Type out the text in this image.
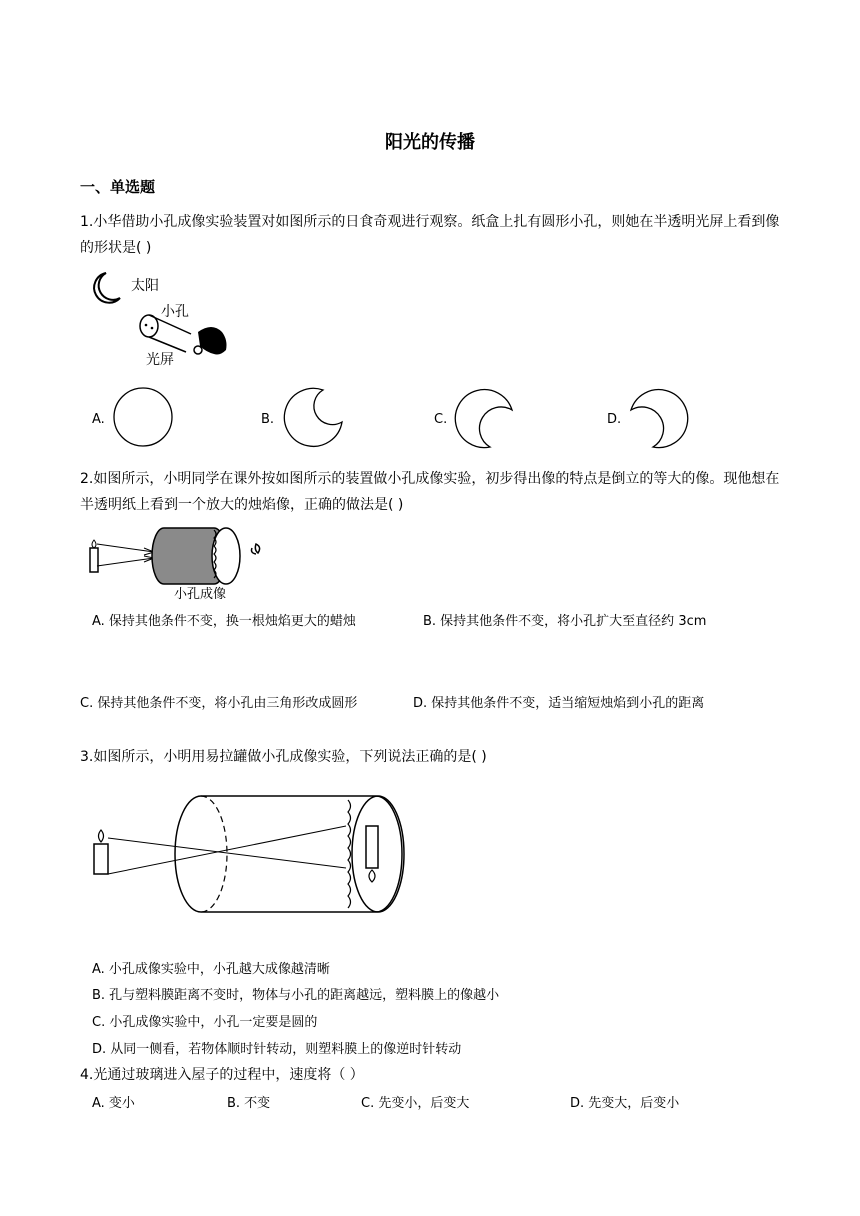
阳光的传播
一、单选题
1.小华借助小孔成像实验装置对如图所示的日食奇观进行观察。纸盒上扎有圆形小孔，则她在半透明光屏上看到像的形状是( )
太阳
小孔
光屏
A.	B.	C.	D.
2.如图所示，小明同学在课外按如图所示的装置做小孔成像实验，初步得出像的特点是倒立的等大的像。现他想在半透明纸上看到一个放大的烛焰像，正确的做法是( )
小孔成像
A. 保持其他条件不变，换一根烛焰更大的蜡烛	B. 保持其他条件不变，将小孔扩大至直径约 3cm
C. 保持其他条件不变，将小孔由三角形改成圆形	D. 保持其他条件不变，适当缩短烛焰到小孔的距离
3.如图所示，小明用易拉罐做小孔成像实验，下列说法正确的是( )
A. 小孔成像实验中，小孔越大成像越清晰
B. 孔与塑料膜距离不变时，物体与小孔的距离越远，塑料膜上的像越小
C. 小孔成像实验中，小孔一定要是圆的
D. 从同一侧看，若物体顺时针转动，则塑料膜上的像逆时针转动
4.光通过玻璃进入屋子的过程中，速度将（ ）
A. 变小	B. 不变	C. 先变小，后变大	D. 先变大，后变小
